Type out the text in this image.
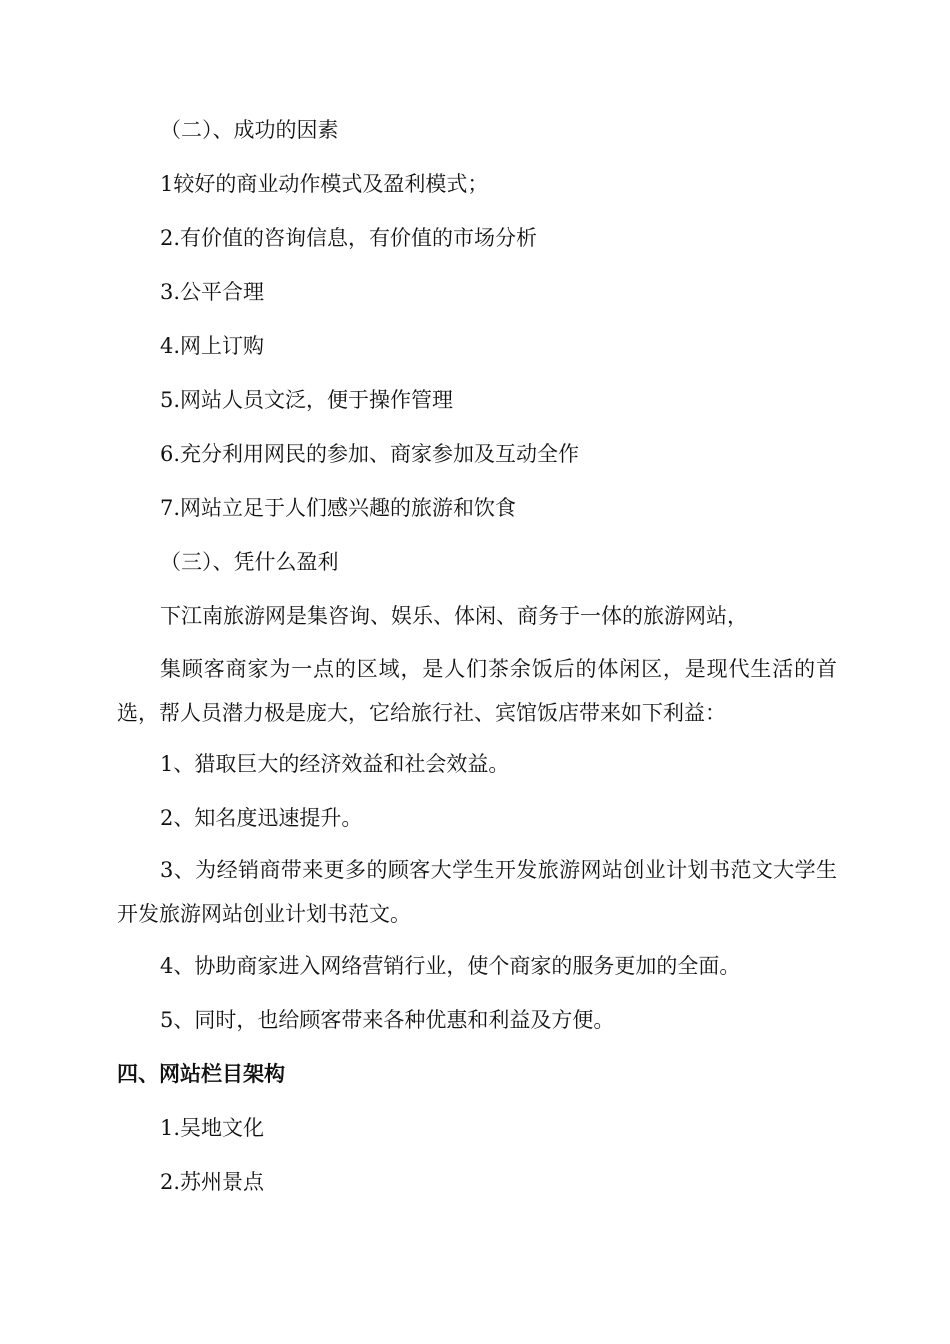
（二）、成功的因素
1较好的商业动作模式及盈利模式；
2.有价值的咨询信息，有价值的市场分析
3.公平合理
4.网上订购
5.网站人员文泛，便于操作管理
6.充分利用网民的参加、商家参加及互动全作
7.网站立足于人们感兴趣的旅游和饮食
（三）、凭什么盈利
下江南旅游网是集咨询、娱乐、体闲、商务于一体的旅游网站，
集顾客商家为一点的区域，是人们茶余饭后的体闲区，是现代生活的首选，帮人员潜力极是庞大，它给旅行社、宾馆饭店带来如下利益：
1、猎取巨大的经济效益和社会效益。
2、知名度迅速提升。
3、为经销商带来更多的顾客大学生开发旅游网站创业计划书范文大学生开发旅游网站创业计划书范文。
4、协助商家进入网络营销行业，使个商家的服务更加的全面。
5、同时，也给顾客带来各种优惠和利益及方便。
四、网站栏目架构
1.吴地文化
2.苏州景点
